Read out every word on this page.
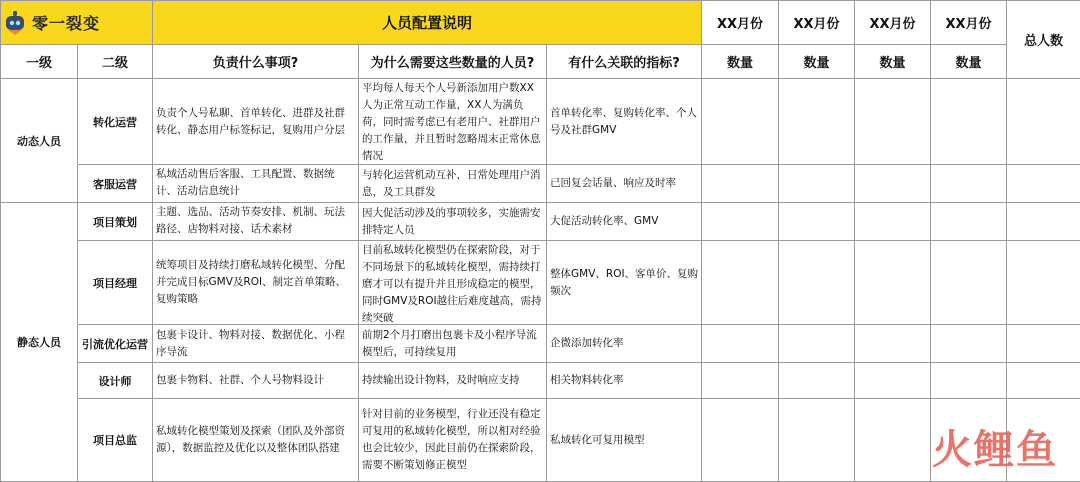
零一裂变		人员配置说明			XX月份	XX月份	XX月份	XX月份	总人数
一级	二级	负责什么事项?	为什么需要这些数量的人员?	有什么关联的指标?	数量	数量	数量	数量	
动态人员	转化运营	负责个人号私聊、首单转化、进群及社群转化、静态用户标签标记，复购用户分层	平均每人每天个人号新添加用户数XX人为正常互动工作量，XX人为满负荷，同时需考虑已有老用户、社群用户的工作量，并且暂时忽略周末正常休息情况	首单转化率、复购转化率、个人号及社群GMV					
	客服运营	私域活动售后客服、工具配置、数据统计、活动信息统计	与转化运营机动互补，日常处理用户消息，及工具群发	已回复会话量、响应及时率					
静态人员	项目策划	主题、选品、活动节奏安排、机制、玩法路径、店物料对接、话术素材	因大促活动涉及的事项较多，实施需安排特定人员	大促活动转化率、GMV					
	项目经理	统筹项目及持续打磨私域转化模型、分配并完成目标GMV及ROI、制定首单策略、复购策略	目前私域转化模型仍在探索阶段，对于不同场景下的私域转化模型，需持续打磨才可以有提升并且形成稳定的模型，同时GMV及ROI越往后难度越高，需持续突破	整体GMV、ROI、客单价、复购频次					
	引流优化运营	包裹卡设计、物料对接、数据优化、小程序导流	前期2个月打磨出包裹卡及小程序导流模型后，可持续复用	企微添加转化率					
	设计师	包裹卡物料、社群、个人号物料设计	持续输出设计物料，及时响应支持	相关物料转化率					
	项目总监	私域转化模型策划及探索（团队及外部资源），数据监控及优化以及整体团队搭建	针对目前的业务模型，行业还没有稳定可复用的私域转化模型，所以相对经验也会比较少，因此目前仍在探索阶段，需要不断策划修正模型	私域转化可复用模型						火鲤鱼
